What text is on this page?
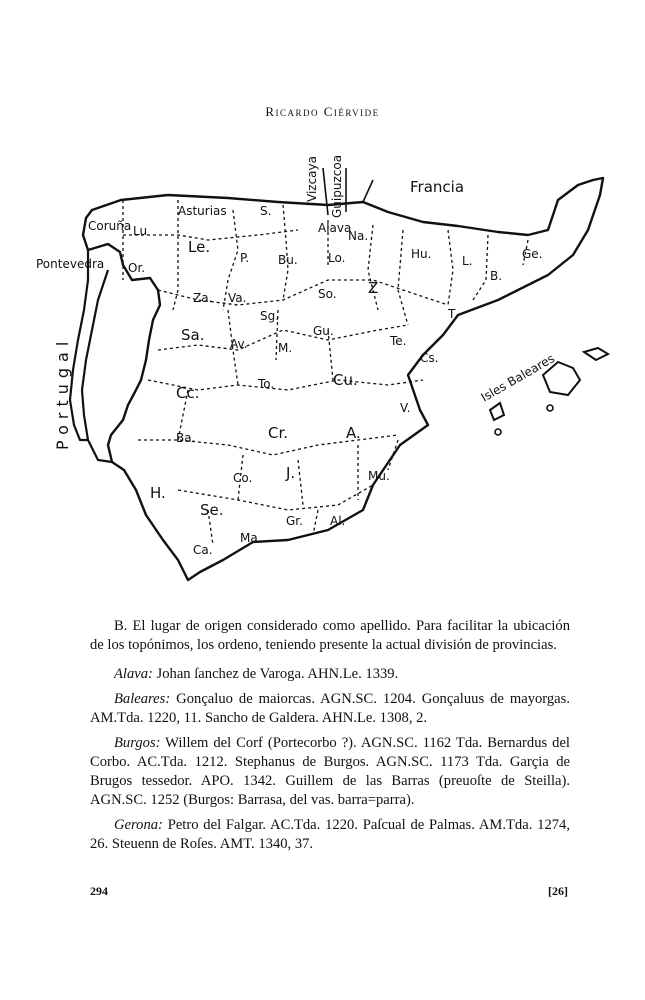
Ricardo Ciérvide
Francia
Portugal	Isles Baleares
Vizcaya Guipuzcoa
Coruña Lu
Asturias	S.
Alava
Na.
Hu.	L.	Ge.
B.
Pontevedra Or.
Le.
P. Bu.	Lo.
So. Z
Za. Va.
Sg.
Gu.
Te.
T
Sa. Av.	M.
Cs.
Cc.	To.	Cu.
V.
Ba.	Cr.	A.
H.
Co. J.	Mu.
Se.
Gr. Al.
Ma.
Ca.

B. El lugar de origen considerado como apellido. Para facilitar la ubicación de los topónimos, los ordeno, teniendo presente la actual división de provincias.

Alava: Johan ſanchez de Varoga. AHN.Le. 1339.

Baleares: Gonçaluo de maiorcas. AGN.SC. 1204. Gonçaluus de mayorgas. AM.Tda. 1220, 11. Sancho de Galdera. AHN.Le. 1308, 2.

Burgos: Willem del Corf (Portecorbo ?). AGN.SC. 1162 Tda. Bernardus del Corbo. AC.Tda. 1212. Stephanus de Burgos. AGN.SC. 1173 Tda. Garçia de Brugos tessedor. APO. 1342. Guillem de las Barras (preuoſte de Steilla). AGN.SC. 1252 (Burgos: Barrasa, del vas. barra=parra).

Gerona: Petro del Falgar. AC.Tda. 1220. Paſcual de Palmas. AM.Tda. 1274, 26. Steuenn de Roſes. AMT. 1340, 37.

294	[26]
